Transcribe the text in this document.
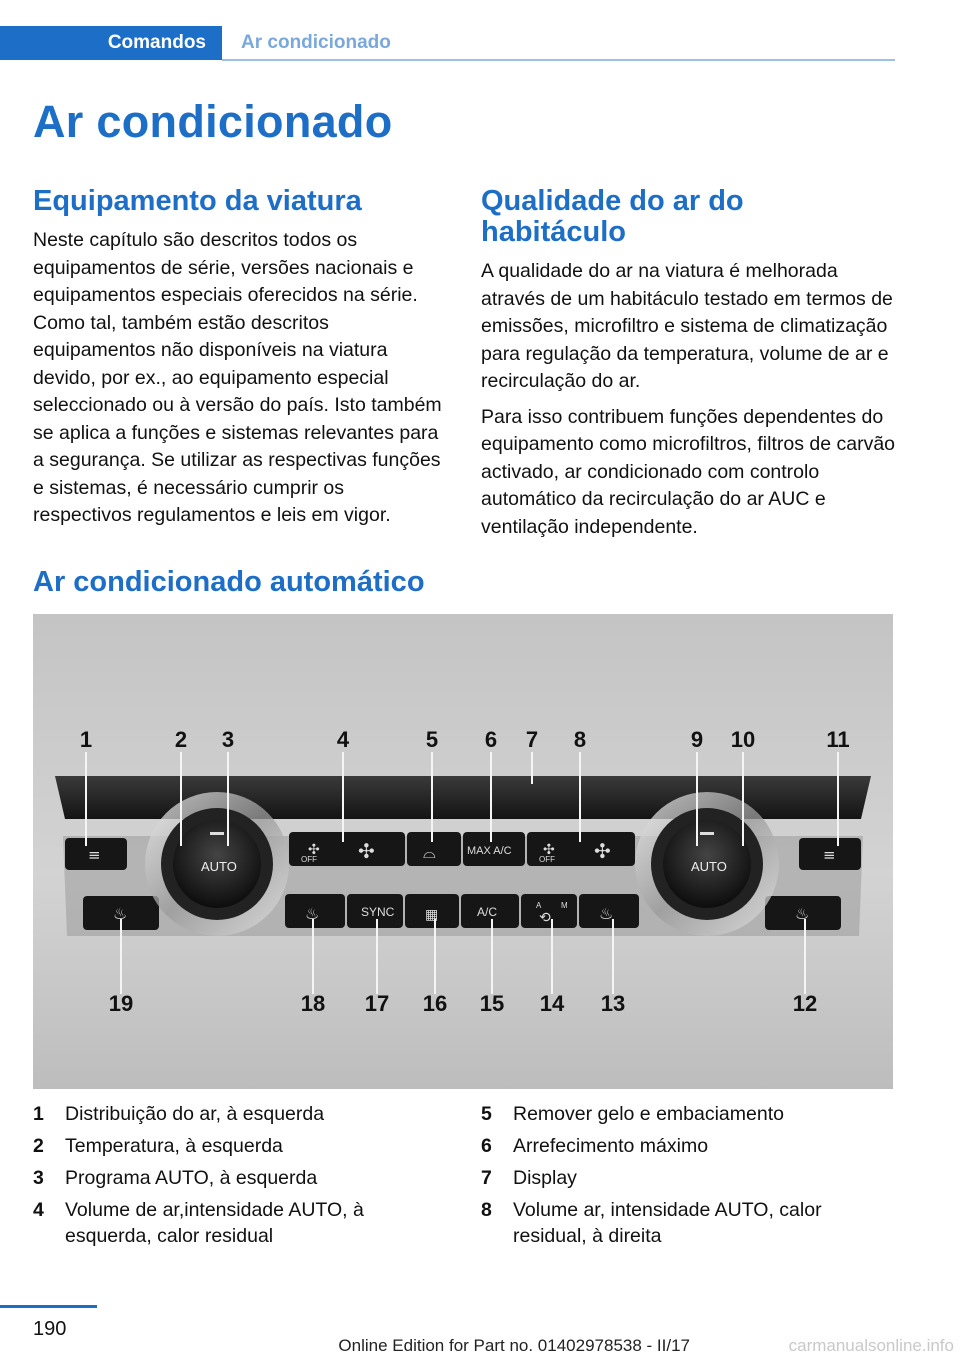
Comandos Ar condicionado
Ar condicionado
Equipamento da viatura

Neste capítulo são descritos todos os equipamentos de série, versões nacionais e equipamentos especiais oferecidos na série. Como tal, também estão descritos equipamentos não disponíveis na viatura devido, por ex., ao equipamento especial seleccionado ou à versão do país. Isto também se aplica a funções e sistemas relevantes para a segurança. Se utilizar as respectivas funções e sistemas, é necessário cumprir os respectivos regulamentos e leis em vigor.

Qualidade do ar do habitáculo

A qualidade do ar na viatura é melhorada através de um habitáculo testado em termos de emissões, microfiltro e sistema de climatização para regulação da temperatura, volume de ar e recirculação do ar.

Para isso contribuem funções dependentes do equipamento como microfiltros, filtros de carvão activado, ar condicionado com controlo automático da recirculação do ar AUC e ventilação independente.

Ar condicionado automático
✣
OFF ✣	⌓	MAX A/C ✣
OFF ✣
≡	≡
SYNC	A/C	A M
⟲
♨	♨	▦	♨	♨
AUTO	AUTO
1	2 3	4	5 6 7 8	9 10	11
19	18 17 16 15 14 13	12
1	Distribuição do ar, à esquerda
2	Temperatura, à esquerda
3	Programa AUTO, à esquerda
4	Volume de ar,intensidade AUTO, à esquerda, calor residual
5	Remover gelo e embaciamento
6	Arrefecimento máximo
7	Display
8	Volume ar, intensidade AUTO, calor residual, à direita
190
Online Edition for Part no. 01402978538 - II/17	carmanualsonline.info
